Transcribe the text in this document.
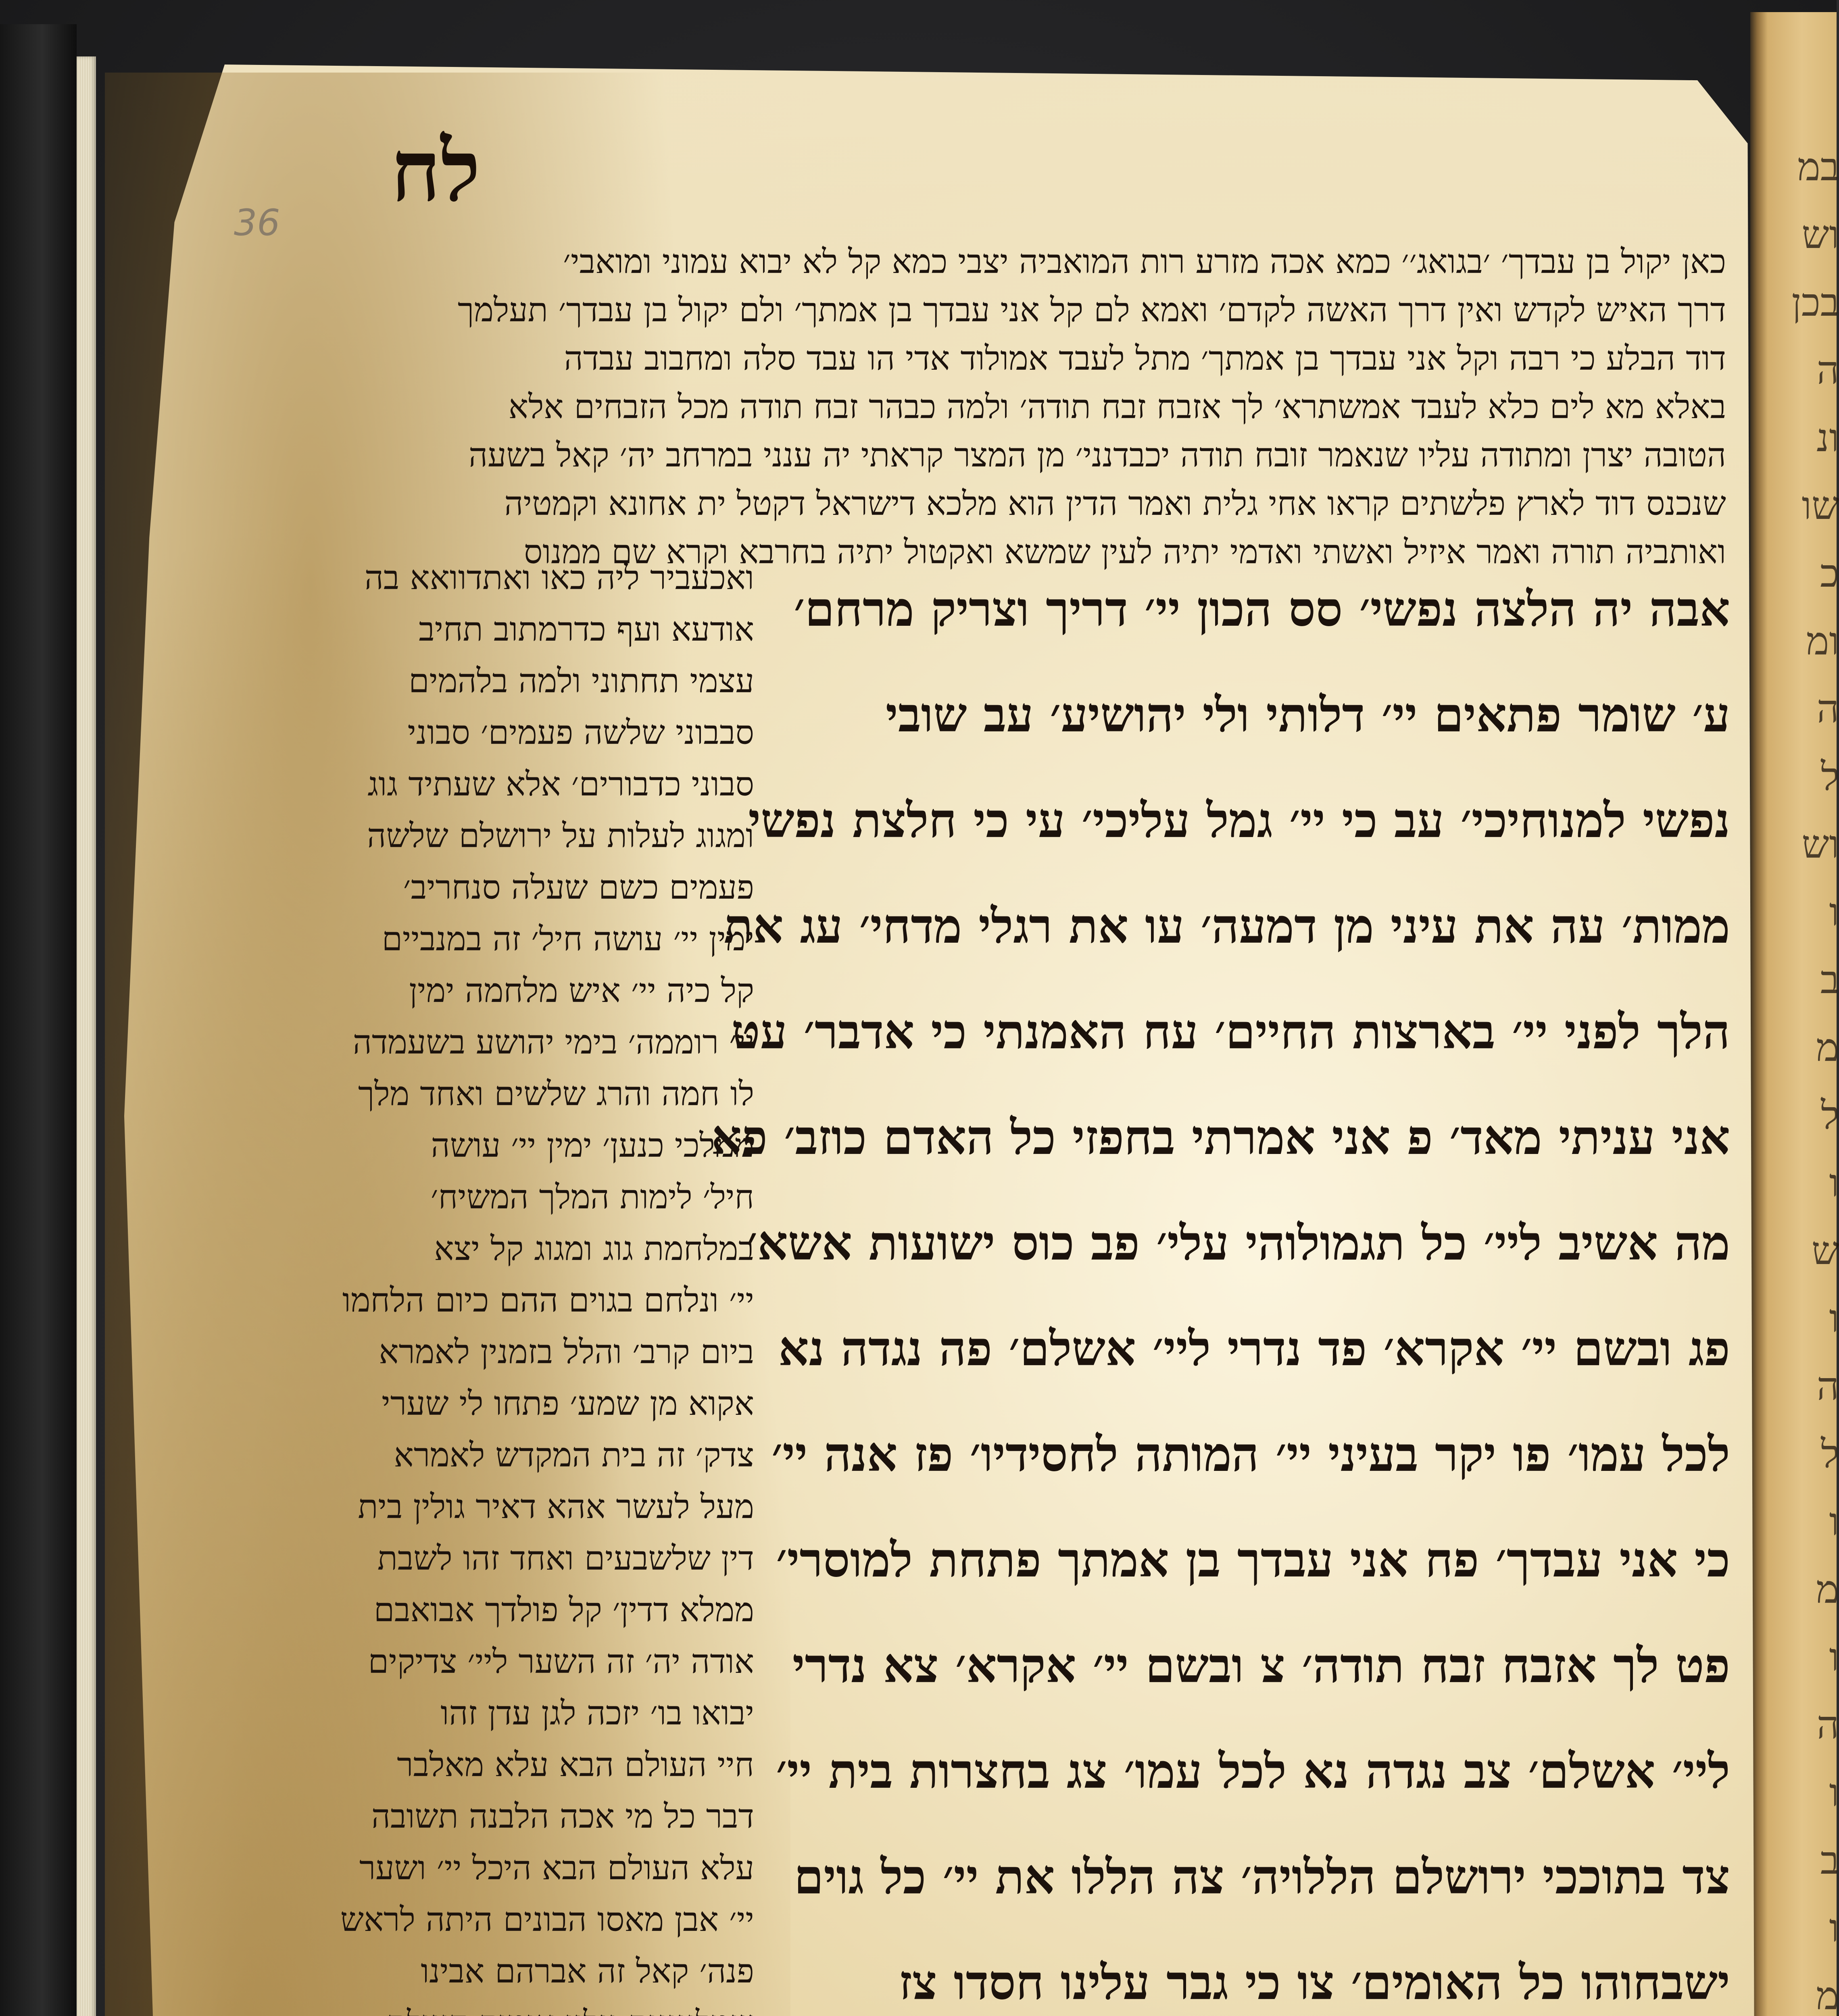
במ
וש
בכן
ה
ונ
שו
כ
ומ
ה
ל
וש
ו
ב
מ
ל
ו
ש
ו
ה
ל
ו
מ
ו
ה
ו
ב
ו
מ
לח
36
כאן יקול בן עבדך׳ ׳בגואג׳׳ כמא אכה מזרע רות המואביה יצבי כמא קל לא יבוא עמוני ומואבי׳
דרך האיש לקדש ואין דרך האשה לקדם׳ ואמא לם קל אני עבדך בן אמתך׳ ולם יקול בן עבדך׳ תעלמך
דוד הבלע כי רבה וקל אני עבדך בן אמתך׳ מתל לעבד אמולוד אדי הו עבד סלה ומחבוב עבדה
באלא מא לים כלא לעבד אמשתרא׳ לך אזבח זבח תודה׳ ולמה כבהר זבח תודה מכל הזבחים אלא
הטובה יצרן ומתודה עליו שנאמר זובח תודה יכבדנני׳ מן המצר קראתי יה ענני במרחב יה׳ קאל בשעה
שנכנס דוד לארץ פלשתים קראו אחי גלית ואמר הדין הוא מלכא דישראל דקטל ית אחונא וקמטיה
ואותביה תורה ואמר איזיל ואשתי ואדמי יתיה לעין שמשא ואקטול יתיה בחרבא וקרא שם ממנוס
אבה יה הלצה נפשי׳ סס הכון יי׳ דריך וצריק מרחם׳
ע׳ שומר פתאים יי׳ דלותי ולי יהושיע׳ עב שובי
נפשי למנוחיכי׳ עב כי יי׳ גמל עליכי׳ עי כי חלצת נפשי
ממות׳ עה את עיני מן דמעה׳ עו את רגלי מדחי׳ עג את
הלך לפני יי׳ בארצות החיים׳ עח האמנתי כי אדבר׳ עט
אני עניתי מאד׳ פ אני אמרתי בחפזי כל האדם כוזב׳ פא
מה אשיב ליי׳ כל תגמולוהי עלי׳ פב כוס ישועות אשא׳
פג ובשם יי׳ אקרא׳ פד נדרי ליי׳ אשלם׳ פה נגדה נא
לכל עמו׳ פו יקר בעיני יי׳ המותה לחסידיו׳ פז אנה יי׳
כי אני עבדך׳ פח אני עבדך בן אמתך פתחת למוסרי׳
פט לך אזבח זבח תודה׳ צ ובשם יי׳ אקרא׳ צא נדרי
ליי׳ אשלם׳ צב נגדה נא לכל עמו׳ צג בחצרות בית יי׳
צד בתוככי ירושלם הללויה׳ צה הללו את יי׳ כל גוים
ישבחוהו כל האומים׳ צו כי גבר עלינו חסדו צז
ואכעביר ליה כאו ואתדוואא בה
אודעא ועף כדרמתוב תחיב
עצמי תחתוני ולמה בלהמים
סבבוני שלשה פעמים׳ סבוני
סבוני כדבורים׳ אלא שעתיד גוג
ומגוג לעלות על ירושלם שלשה
פעמים כשם שעלה סנחריב׳
ימין יי׳ עושה חיל׳ זה במנביים
קל כיה יי׳ איש מלחמה ימין
יי׳ רוממה׳ בימי יהושע בשעמדה
לו חמה והרג שלשים ואחד מלך
ממלכי כנען׳ ימין יי׳ עושה
חיל׳ לימות המלך המשיח׳
במלחמת גוג ומגוג קל יצא
יי׳ ונלחם בגוים ההם כיום הלחמו
ביום קרב׳ והלל בזמנין לאמרא
אקוא מן שמע׳ פתחו לי שערי
צדק׳ זה בית המקדש לאמרא
מעל לעשר אהא דאיר גולין בית
דין שלשבעים ואחד זהו לשבת
ממלא דדין׳ קל פולדך אבואבם
אודה יה׳ זה השער ליי׳ צדיקים
יבואו בו׳ יזכה לגן עדן זהו
חיי העולם הבא עלא מאלבר
דבר כל מי אכה הלבנה תשובה
עלא העולם הבא היכל יי׳ ושער
יי׳ אבן מאסו הבונים היתה לראש
פנה׳ קאל זה אברהם אבינו
